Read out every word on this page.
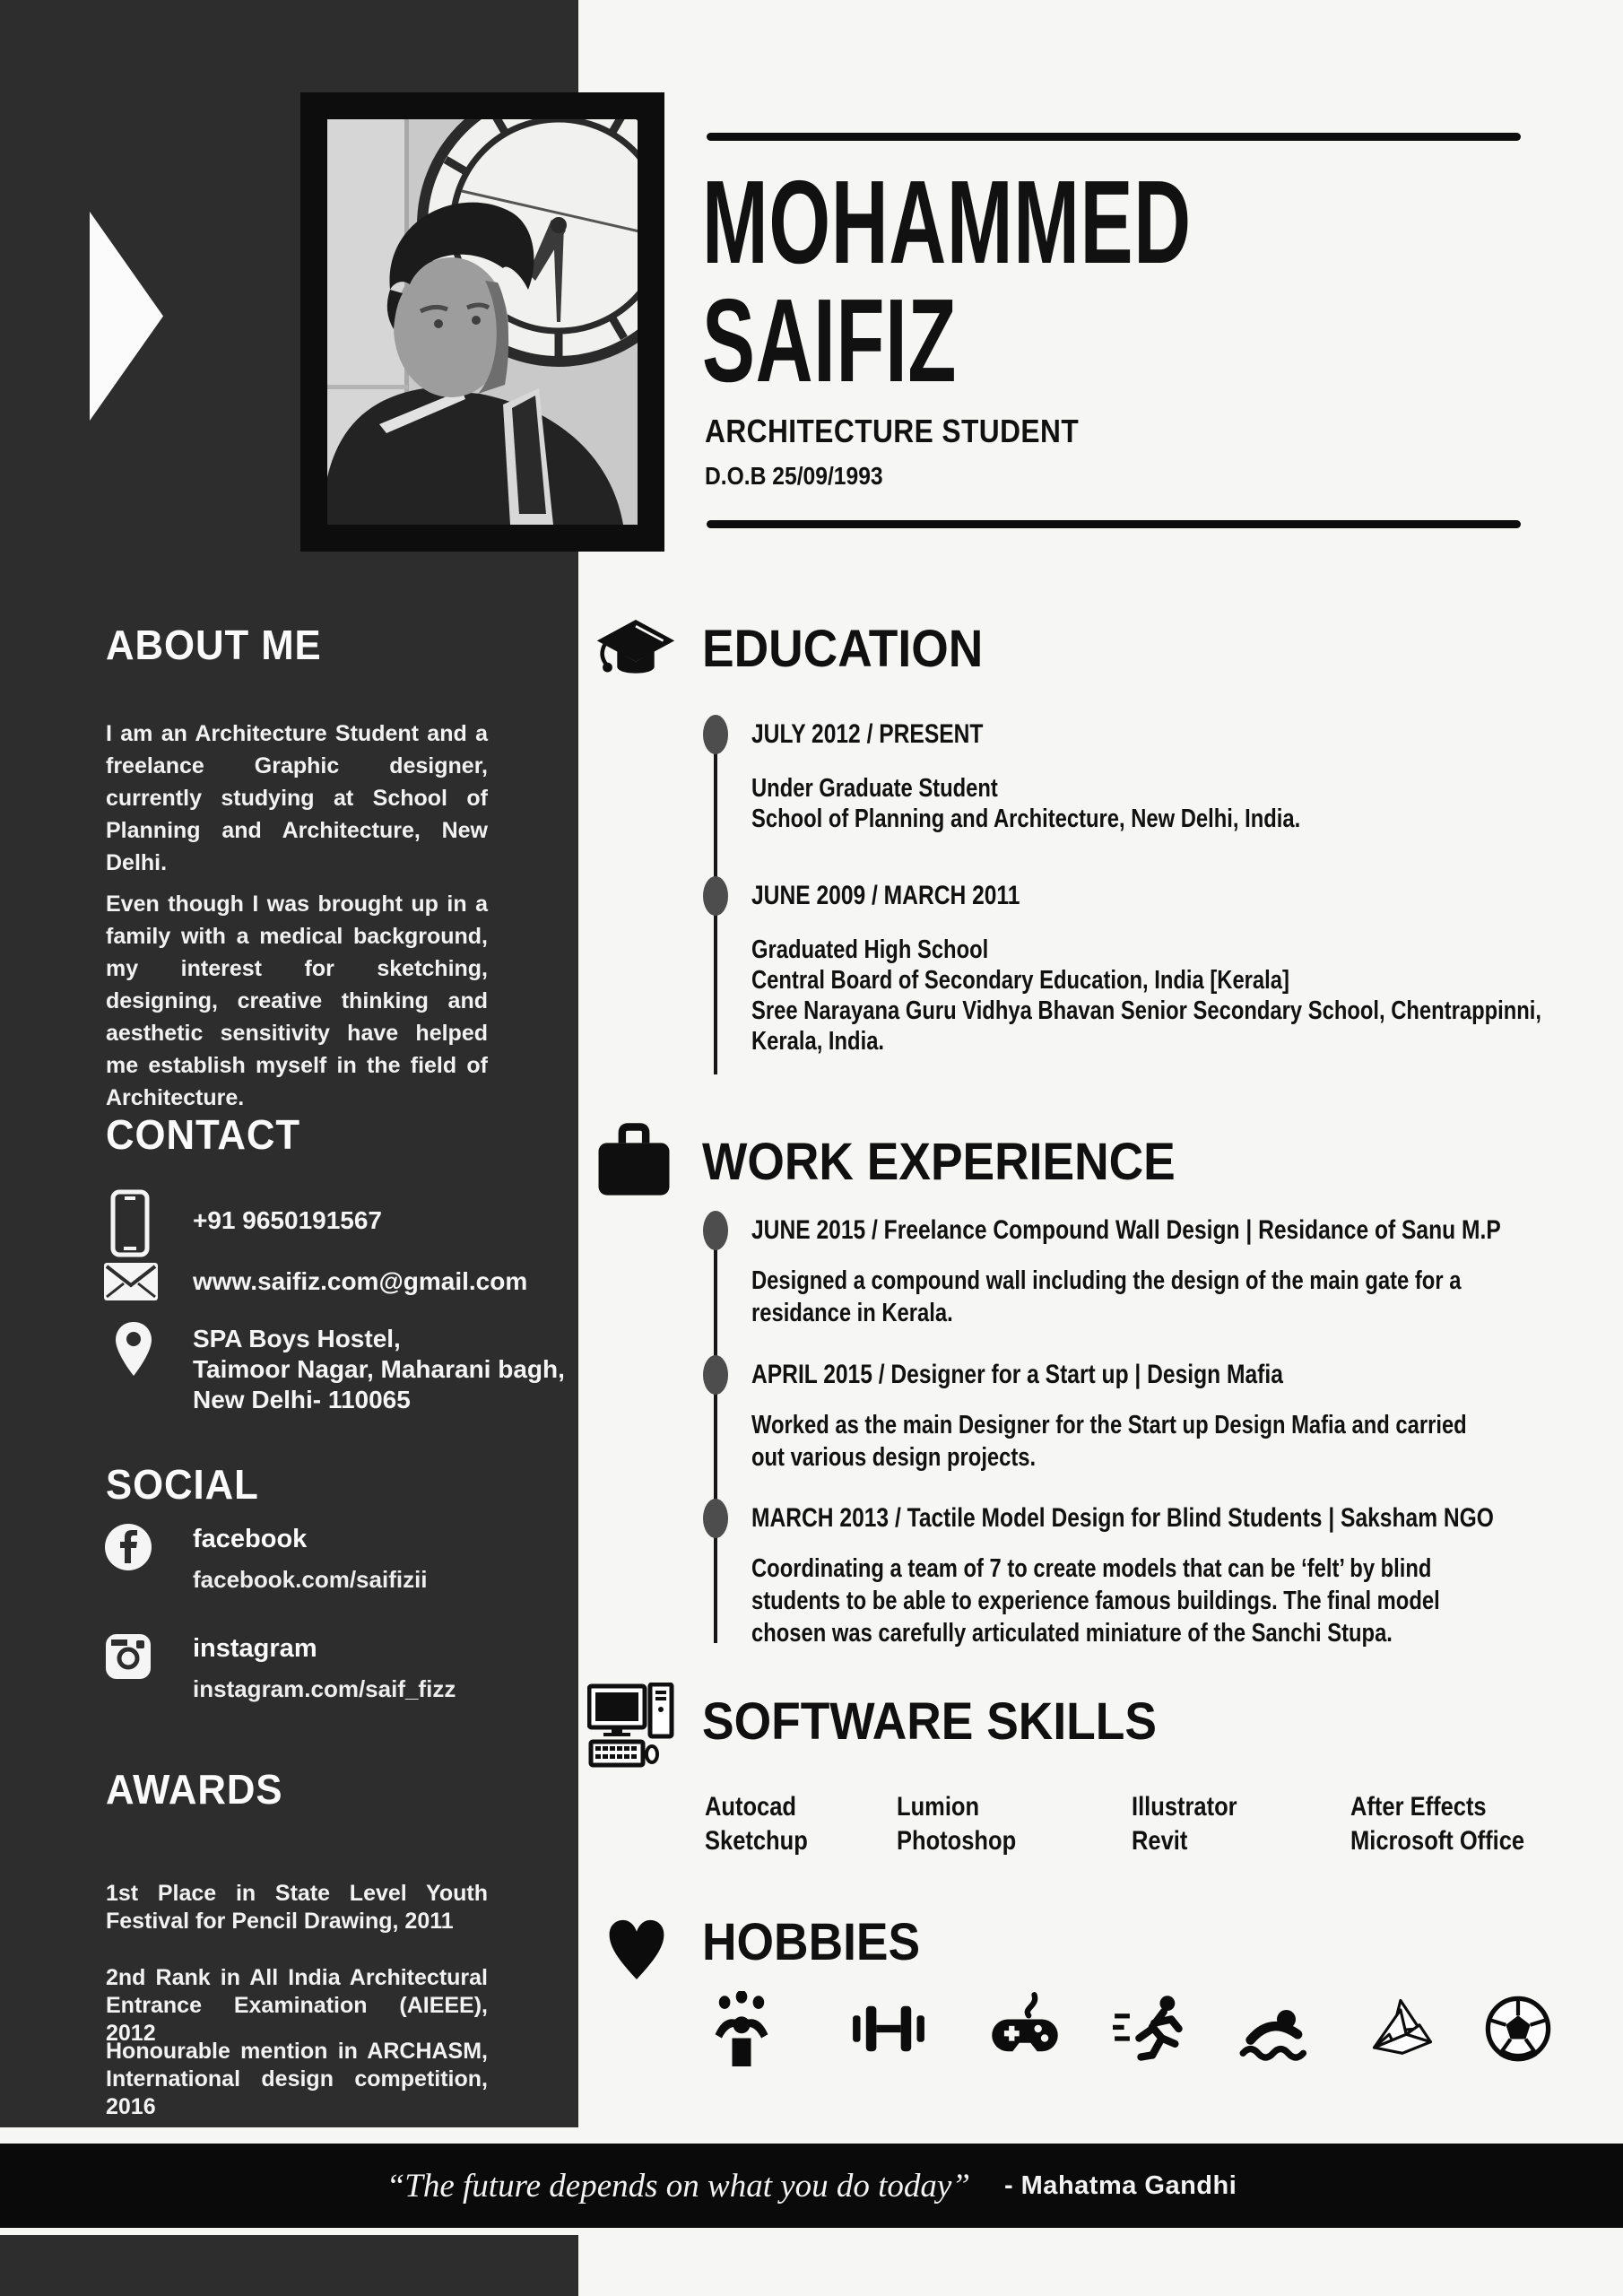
MOHAMMED
SAIFIZ
ARCHITECTURE STUDENT
D.O.B 25/09/1993
EDUCATION
JULY 2012 / PRESENT
Under Graduate Student
School of Planning and Architecture, New Delhi, India.
JUNE 2009 / MARCH 2011
Graduated High School
Central Board of Secondary Education, India [Kerala]
Sree Narayana Guru Vidhya Bhavan Senior Secondary School, Chentrappinni,
Kerala, India.
WORK EXPERIENCE
JUNE 2015 / Freelance Compound Wall Design | Residance of Sanu M.P
Designed a compound wall including the design of the main gate for a residance in Kerala.
APRIL 2015 / Designer for a Start up | Design Mafia
Worked as the main Designer for the Start up Design Mafia and carried out various design projects.
MARCH 2013 / Tactile Model Design for Blind Students | Saksham NGO
Coordinating a team of 7 to create models that can be ‘felt’ by blind students to be able to experience famous buildings. The final model chosen was carefully articulated miniature of the Sanchi Stupa.
SOFTWARE SKILLS
Autocad
Sketchup
Lumion
Photoshop
Illustrator
Revit
After Effects
Microsoft Office
HOBBIES
ABOUT ME
I am an Architecture Student and a freelance Graphic designer, currently studying at School of Planning and Architecture, New Delhi.
Even though I was brought up in a family with a medical background, my interest for sketching, designing, creative thinking and aesthetic sensitivity have helped me establish myself in the field of Architecture.
CONTACT
+91 9650191567
www.saifiz.com@gmail.com
SPA Boys Hostel,
Taimoor Nagar, Maharani bagh,
New Delhi- 110065
SOCIAL
facebook
facebook.com/saifizii
instagram
instagram.com/saif_fizz
AWARDS
1st Place in State Level Youth Festival for Pencil Drawing, 2011
2nd Rank in All India Architectural Entrance Examination (AIEEE), 2012
Honourable mention in ARCHASM, International design competition, 2016
“The future depends on what you do today” - Mahatma Gandhi
